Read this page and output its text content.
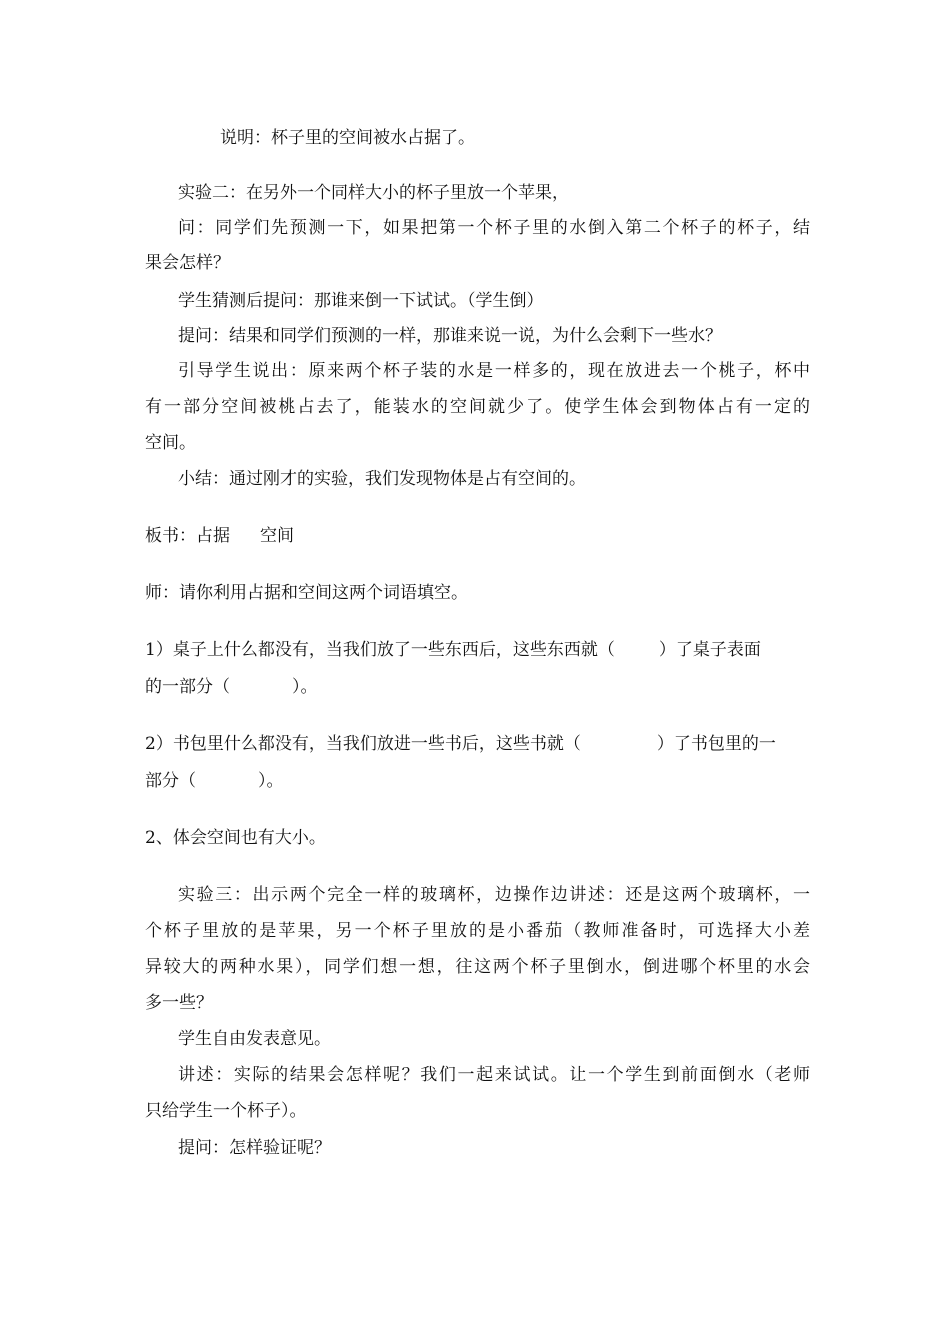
说明：杯子里的空间被水占据了。
实验二：在另外一个同样大小的杯子里放一个苹果，
问：同学们先预测一下，如果把第一个杯子里的水倒入第二个杯子的杯子，结
果会怎样？
学生猜测后提问：那谁来倒一下试试。（学生倒）
提问：结果和同学们预测的一样，那谁来说一说，为什么会剩下一些水？
引导学生说出：原来两个杯子装的水是一样多的，现在放进去一个桃子，杯中
有一部分空间被桃占去了，能装水的空间就少了。使学生体会到物体占有一定的
空间。
小结：通过刚才的实验，我们发现物体是占有空间的。
板书：占据 空间
师：请你利用占据和空间这两个词语填空。
1）桌子上什么都没有，当我们放了一些东西后，这些东西就（	）了桌子表面
的一部分（	）。
2）书包里什么都没有，当我们放进一些书后，这些书就（	）了书包里的一
部分（	）。
2、体会空间也有大小。
实验三：出示两个完全一样的玻璃杯，边操作边讲述：还是这两个玻璃杯，一
个杯子里放的是苹果，另一个杯子里放的是小番茄（教师准备时，可选择大小差
异较大的两种水果），同学们想一想，往这两个杯子里倒水，倒进哪个杯里的水会
多一些？
学生自由发表意见。
讲述：实际的结果会怎样呢？我们一起来试试。让一个学生到前面倒水（老师
只给学生一个杯子）。
提问：怎样验证呢？
